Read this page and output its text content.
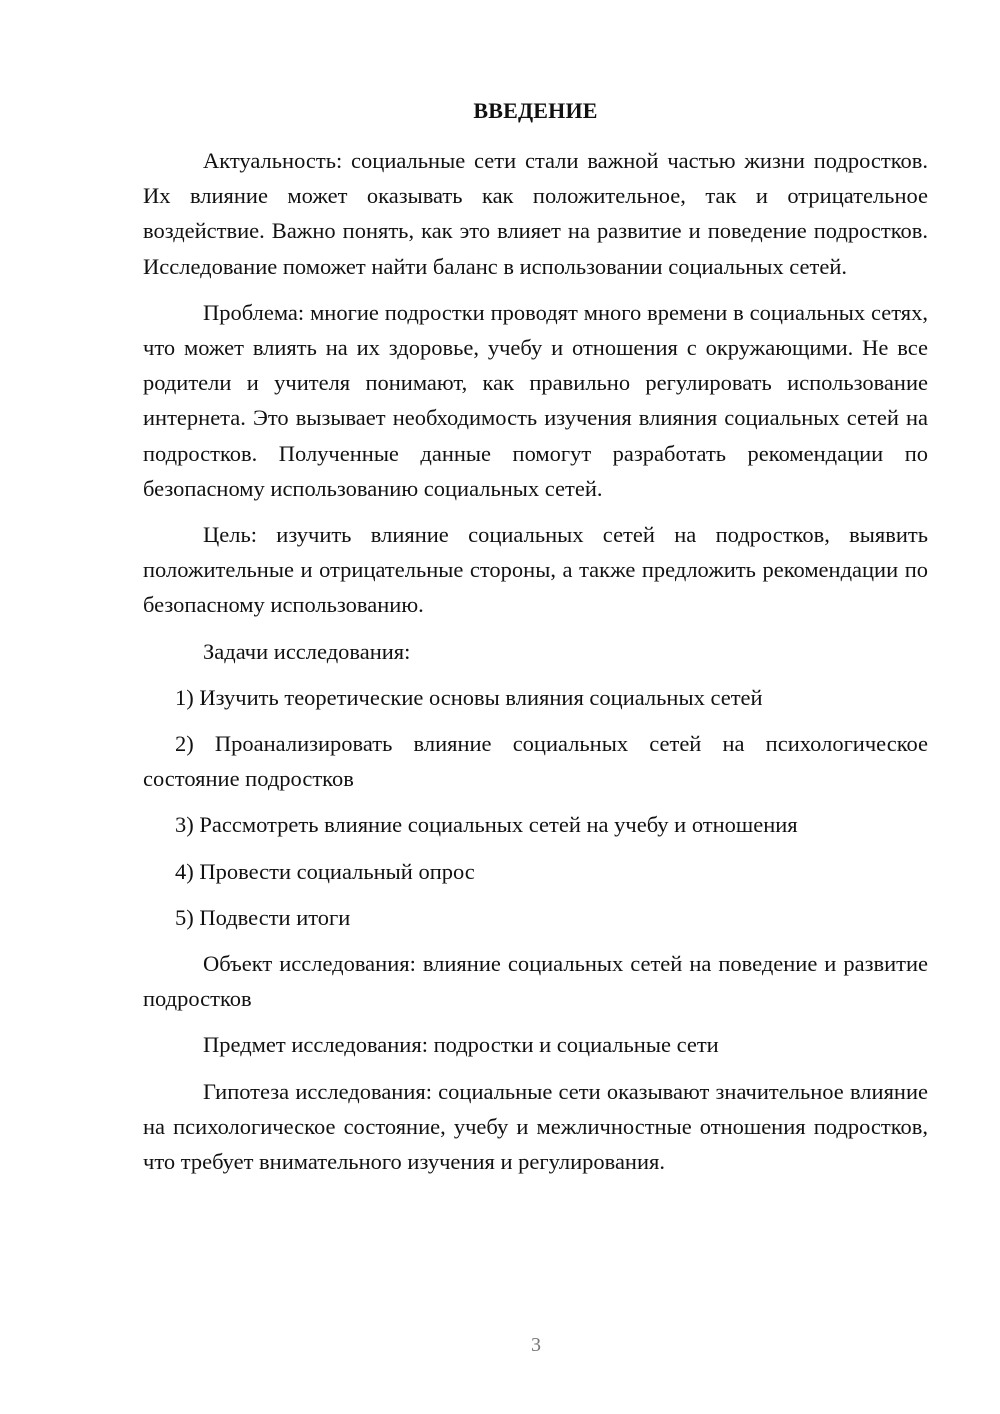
ВВЕДЕНИЕ

Актуальность: социальные сети стали важной частью жизни подростков. Их влияние может оказывать как положительное, так и отрицательное воздействие. Важно понять, как это влияет на развитие и поведение подростков. Исследование поможет найти баланс в использовании социальных сетей.

Проблема: многие подростки проводят много времени в социальных сетях, что может влиять на их здоровье, учебу и отношения с окружающими. Не все родители и учителя понимают, как правильно регулировать использование интернета. Это вызывает необходимость изучения влияния социальных сетей на подростков. Полученные данные помогут разработать рекомендации по безопасному использованию социальных сетей.

Цель: изучить влияние социальных сетей на подростков, выявить положительные и отрицательные стороны, а также предложить рекомендации по безопасному использованию.

Задачи исследования:

1) Изучить теоретические основы влияния социальных сетей

2) Проанализировать влияние социальных сетей на психологическое состояние подростков

3) Рассмотреть влияние социальных сетей на учебу и отношения

4) Провести социальный опрос

5) Подвести итоги

Объект исследования: влияние социальных сетей на поведение и развитие подростков

Предмет исследования: подростки и социальные сети

Гипотеза исследования: социальные сети оказывают значительное влияние на психологическое состояние, учебу и межличностные отношения подростков, что требует внимательного изучения и регулирования.

3
